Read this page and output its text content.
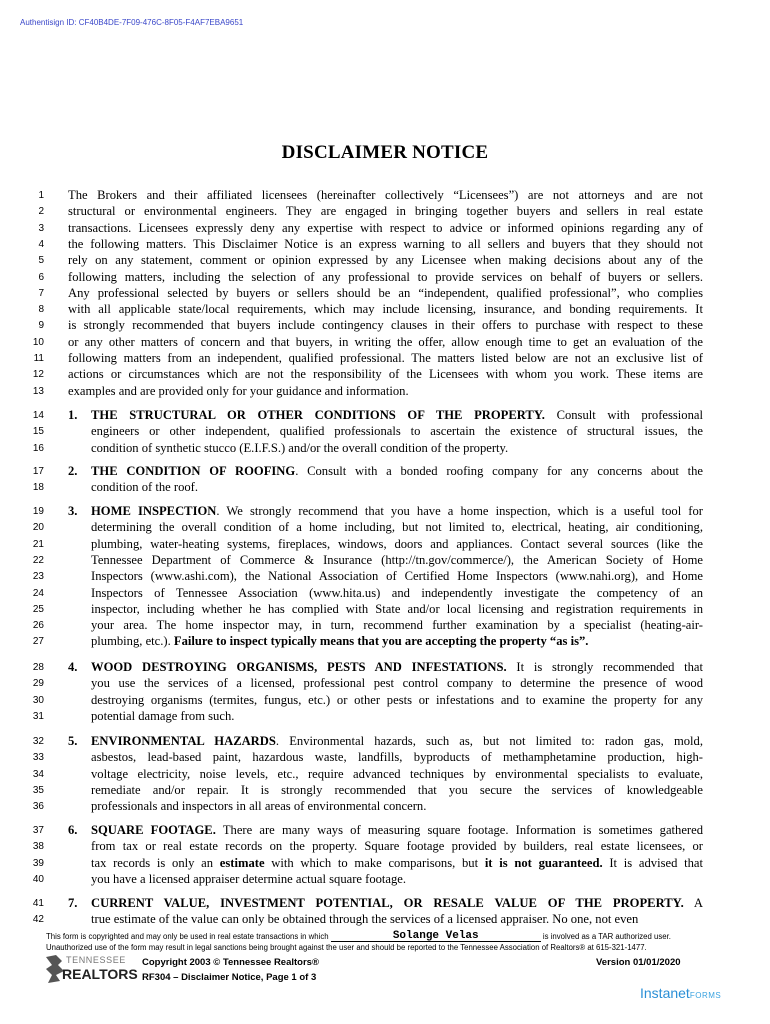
Authentisign ID: CF40B4DE-7F09-476C-8F05-F4AF7EBA9651
DISCLAIMER NOTICE
1 The Brokers and their affiliated licensees (hereinafter collectively “Licensees”) are not attorneys and are not
2 structural or environmental engineers. They are engaged in bringing together buyers and sellers in real estate
3 transactions. Licensees expressly deny any expertise with respect to advice or informed opinions regarding any of
4 the following matters. This Disclaimer Notice is an express warning to all sellers and buyers that they should not
5 rely on any statement, comment or opinion expressed by any Licensee when making decisions about any of the
6 following matters, including the selection of any professional to provide services on behalf of buyers or sellers.
7 Any professional selected by buyers or sellers should be an “independent, qualified professional”, who complies
8 with all applicable state/local requirements, which may include licensing, insurance, and bonding requirements. It
9 is strongly recommended that buyers include contingency clauses in their offers to purchase with respect to these
10 or any other matters of concern and that buyers, in writing the offer, allow enough time to get an evaluation of the
11 following matters from an independent, qualified professional. The matters listed below are not an exclusive list of
12 actions or circumstances which are not the responsibility of the Licensees with whom you work. These items are
13 examples and are provided only for your guidance and information.
14 1. THE STRUCTURAL OR OTHER CONDITIONS OF THE PROPERTY. Consult with professional
15	engineers or other independent, qualified professionals to ascertain the existence of structural issues, the
16	condition of synthetic stucco (E.I.F.S.) and/or the overall condition of the property.
17 2. THE CONDITION OF ROOFING. Consult with a bonded roofing company for any concerns about the
18	condition of the roof.
19 3. HOME INSPECTION. We strongly recommend that you have a home inspection, which is a useful tool for
20	determining the overall condition of a home including, but not limited to, electrical, heating, air conditioning,
21	plumbing, water-heating systems, fireplaces, windows, doors and appliances. Contact several sources (like the
22	Tennessee Department of Commerce & Insurance (http://tn.gov/commerce/), the American Society of Home
23	Inspectors (www.ashi.com), the National Association of Certified Home Inspectors (www.nahi.org), and Home
24	Inspectors of Tennessee Association (www.hita.us) and independently investigate the competency of an
25	inspector, including whether he has complied with State and/or local licensing and registration requirements in
26	your area. The home inspector may, in turn, recommend further examination by a specialist (heating-air-
27	plumbing, etc.). Failure to inspect typically means that you are accepting the property “as is”.
28 4. WOOD DESTROYING ORGANISMS, PESTS AND INFESTATIONS. It is strongly recommended that
29	you use the services of a licensed, professional pest control company to determine the presence of wood
30	destroying organisms (termites, fungus, etc.) or other pests or infestations and to examine the property for any
31	potential damage from such.
32 5. ENVIRONMENTAL HAZARDS. Environmental hazards, such as, but not limited to: radon gas, mold,
33	asbestos, lead-based paint, hazardous waste, landfills, byproducts of methamphetamine production, high-
34	voltage electricity, noise levels, etc., require advanced techniques by environmental specialists to evaluate,
35	remediate and/or repair. It is strongly recommended that you secure the services of knowledgeable
36	professionals and inspectors in all areas of environmental concern.
37 6. SQUARE FOOTAGE. There are many ways of measuring square footage. Information is sometimes gathered
38	from tax or real estate records on the property. Square footage provided by builders, real estate licensees, or
39	tax records is only an estimate with which to make comparisons, but it is not guaranteed. It is advised that
40	you have a licensed appraiser determine actual square footage.
41 7. CURRENT VALUE, INVESTMENT POTENTIAL, OR RESALE VALUE OF THE PROPERTY. A
42	true estimate of the value can only be obtained through the services of a licensed appraiser. No one, not even
This form is copyrighted and may only be used in real estate transactions in which	Solange Velas	is involved as a TAR authorized user.
Unauthorized use of the form may result in legal sanctions being brought against the user and should be reported to the Tennessee Association of Realtors® at 615-321-1477.
TENNESSEE
REALTORS
Copyright 2003 © Tennessee Realtors®
RF304 – Disclaimer Notice, Page 1 of 3
Version 01/01/2020
InstanetFORMS
